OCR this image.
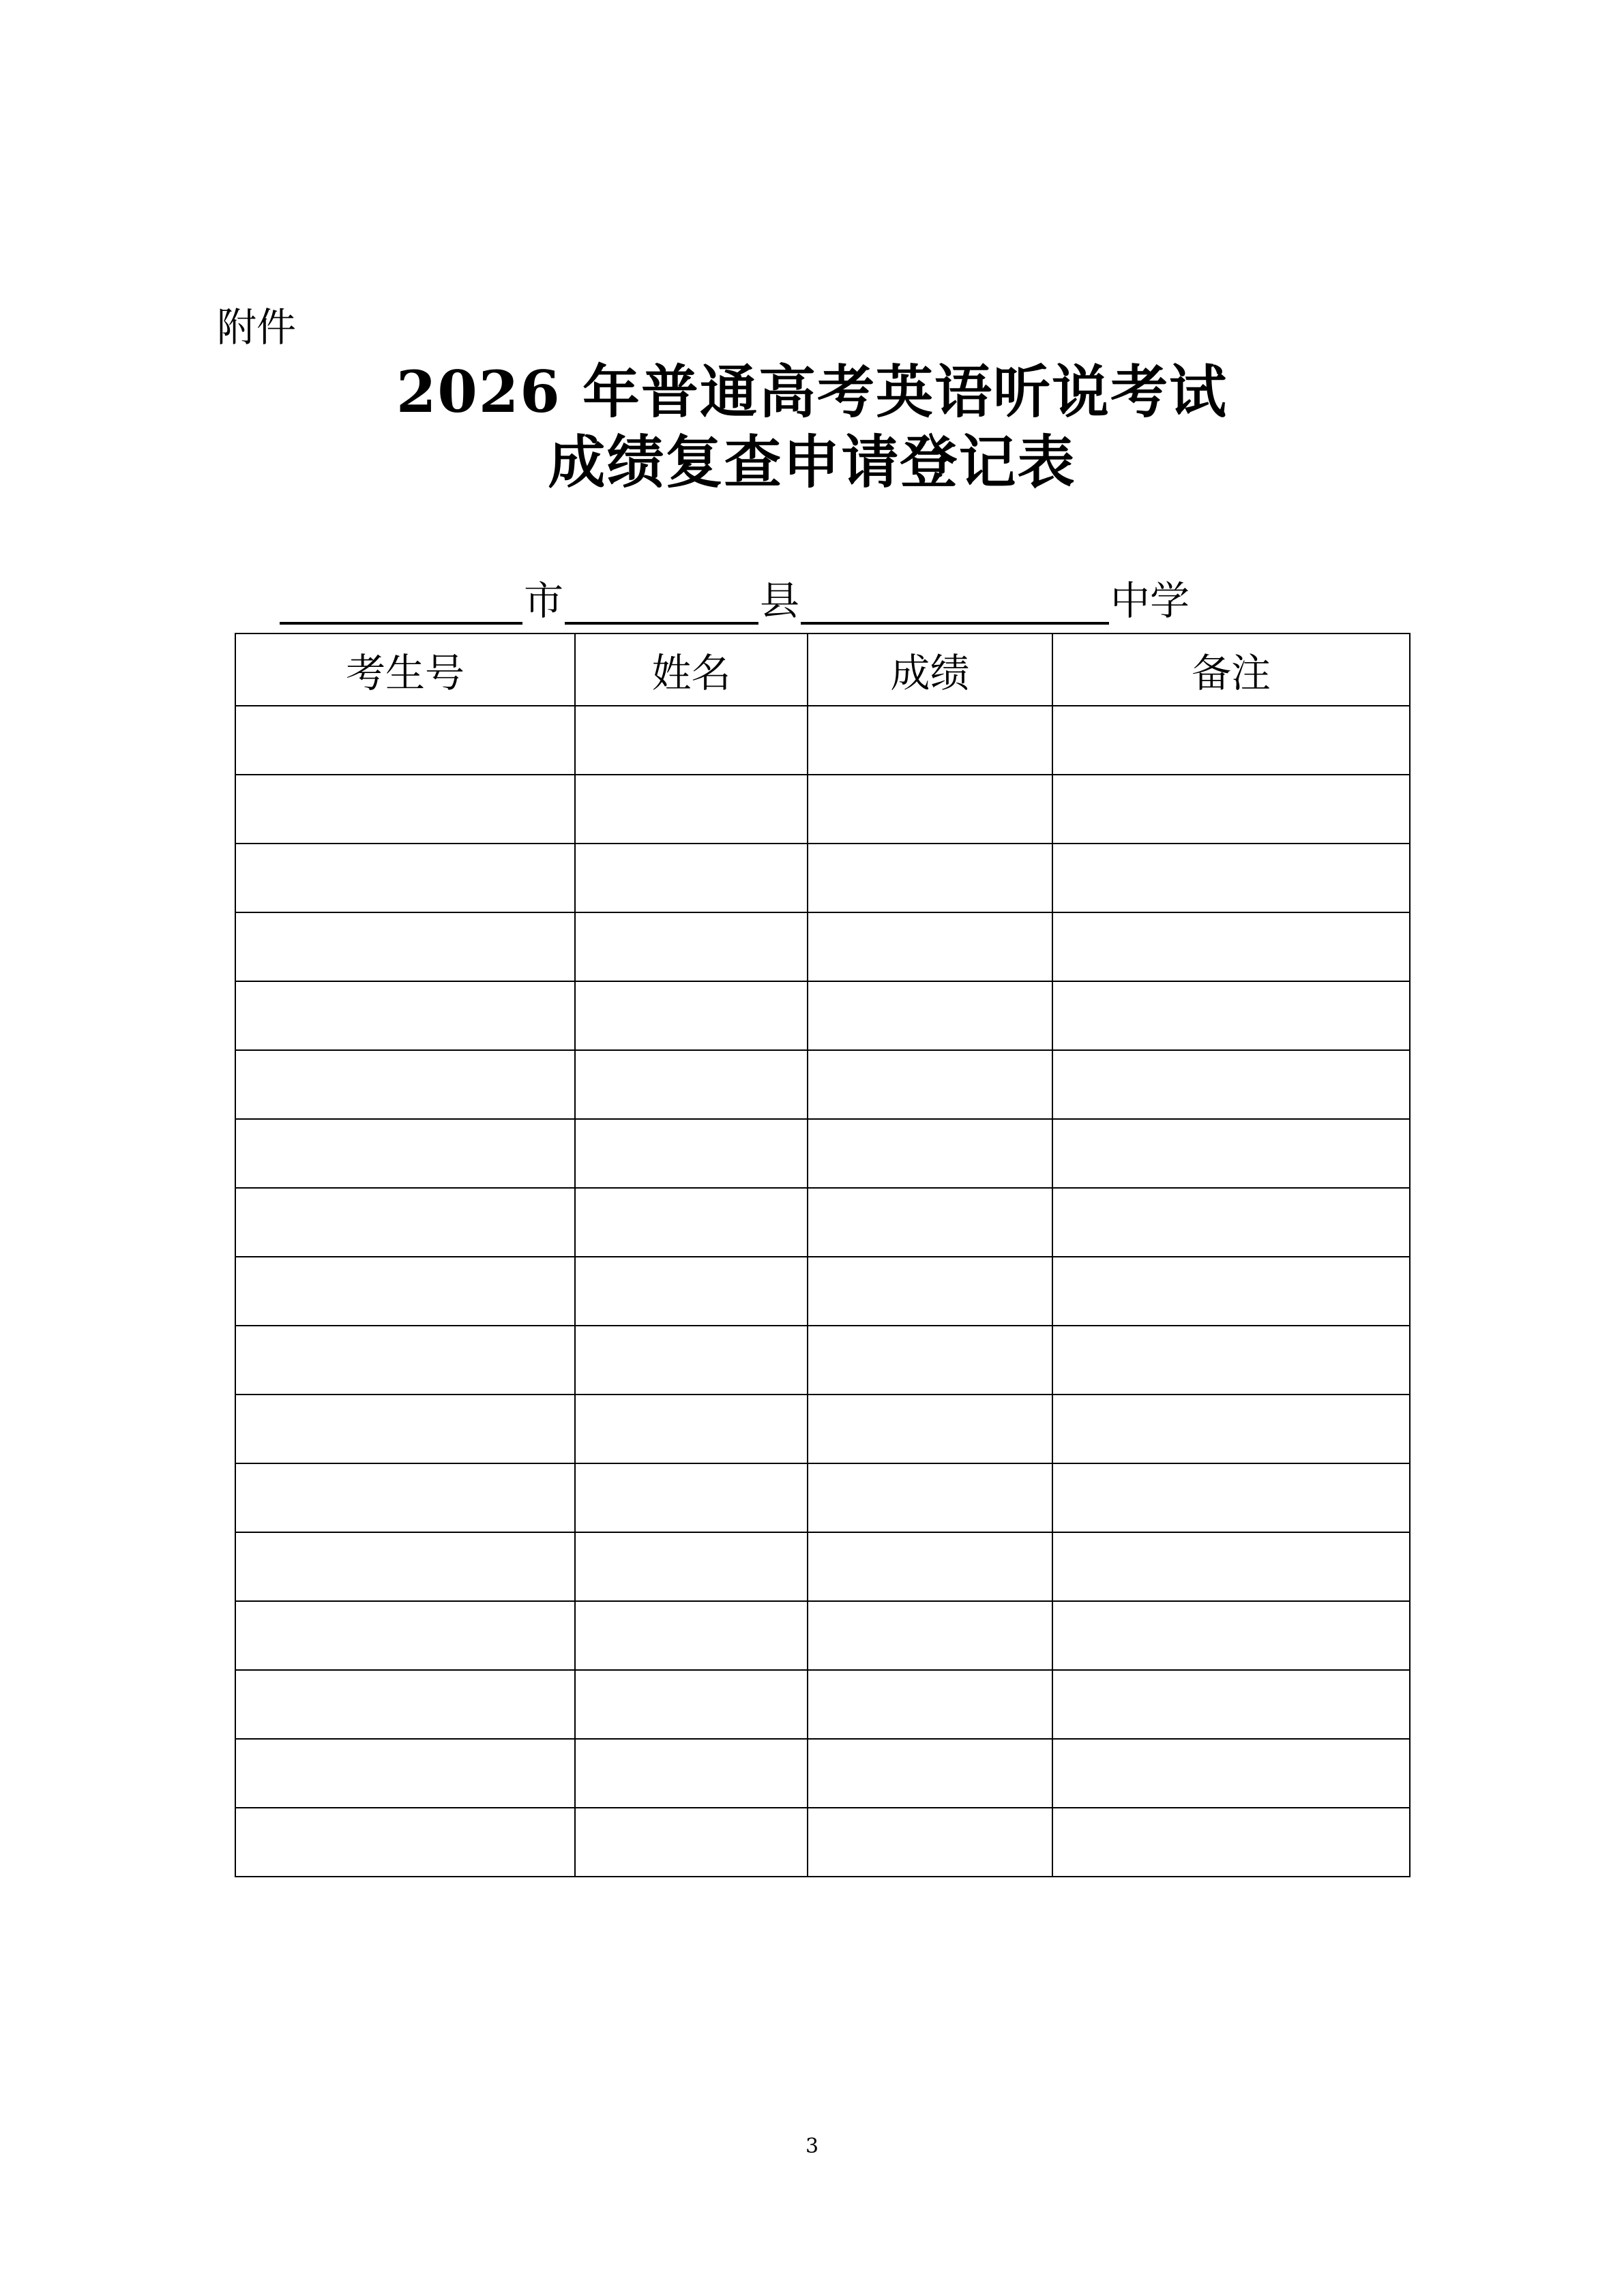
附件
2026 年普通高考英语听说考试
成绩复查申请登记表
市	县	中学
考生号	姓名	成绩	备注

3
